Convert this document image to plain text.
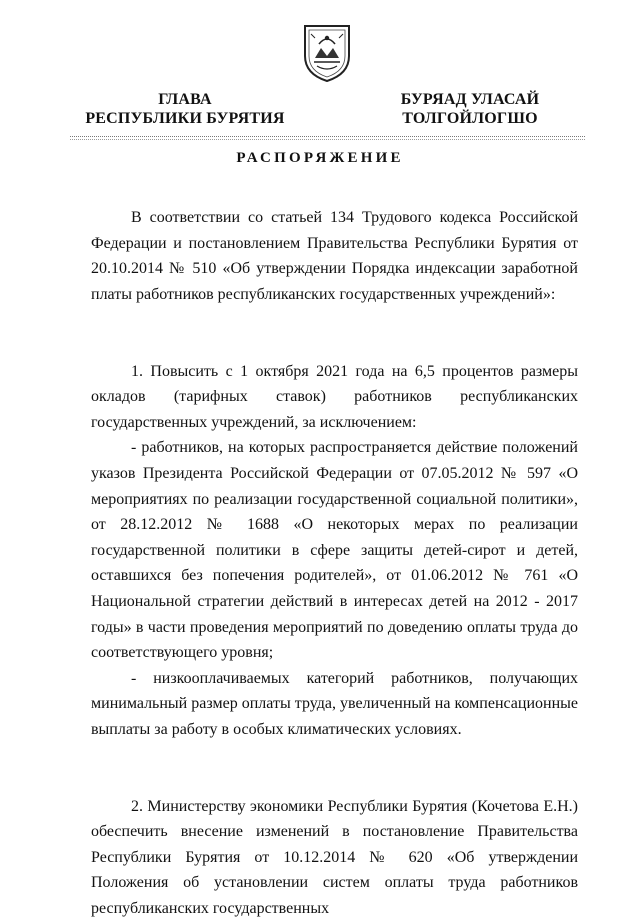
ГЛАВА
РЕСПУБЛИКИ БУРЯТИЯ
БУРЯАД УЛАСАЙ
ТОЛГОЙЛОГШО
РАСПОРЯЖЕНИЕ

В соответствии со статьей 134 Трудового кодекса Российской Федерации и постановлением Правительства Республики Бурятия от 20.10.2014 № 510 «Об утверждении Порядка индексации заработной платы работников республиканских государственных учреждений»:

1. Повысить с 1 октября 2021 года на 6,5 процентов размеры окладов (тарифных ставок) работников республиканских государственных учреждений, за исключением:

- работников, на которых распространяется действие положений указов Президента Российской Федерации от 07.05.2012 № 597 «О мероприятиях по реализации государственной социальной политики», от 28.12.2012 № 1688 «О некоторых мерах по реализации государственной политики в сфере защиты детей-сирот и детей, оставшихся без попечения родителей», от 01.06.2012 № 761 «О Национальной стратегии действий в интересах детей на 2012 - 2017 годы» в части проведения мероприятий по доведению оплаты труда до соответствующего уровня;

- низкооплачиваемых категорий работников, получающих минимальный размер оплаты труда, увеличенный на компенсационные выплаты за работу в особых климатических условиях.

2. Министерству экономики Республики Бурятия (Кочетова Е.Н.) обеспечить внесение изменений в постановление Правительства Республики Бурятия от 10.12.2014 № 620 «Об утверждении Положения об установлении систем оплаты труда работников республиканских государственных
